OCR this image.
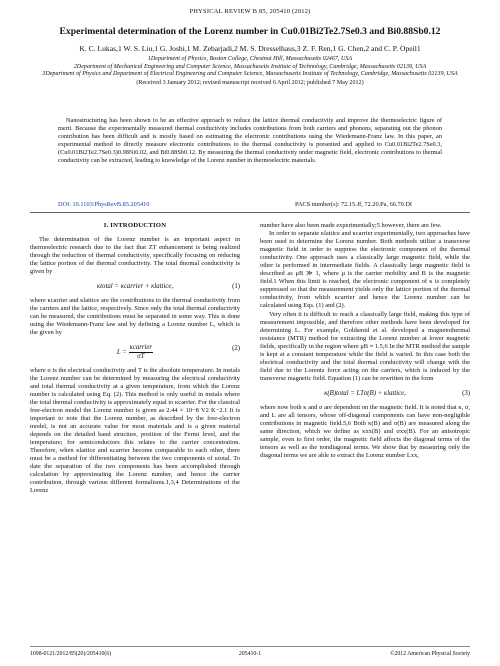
PHYSICAL REVIEW B 85, 205410 (2012)
Experimental determination of the Lorenz number in Cu0.01Bi2Te2.7Se0.3 and Bi0.88Sb0.12
K. C. Lukas,1 W. S. Liu,1 G. Joshi,1 M. Zebarjadi,2 M. S. Dresselhaus,3 Z. F. Ren,1 G. Chen,2 and C. P. Opeil1

1Department of Physics, Boston College, Chestnut Hill, Massachusetts 02467, USA

2Department of Mechanical Engineering and Computer Science, Massachusetts Institute of Technology, Cambridge, Massachusetts 02139, USA

3Department of Physics and Department of Electrical Engineering and Computer Science, Massachusetts Institute of Technology, Cambridge, Massachusetts 02139, USA

(Received 3 January 2012; revised manuscript received 6 April 2012; published 7 May 2012)

Nanostructuring has been shown to be an effective approach to reduce the lattice thermal conductivity and improve the thermoelectric figure of merit. Because the experimentally measured thermal conductivity includes contributions from both carriers and phonons, separating out the phonon contribution has been difficult and is mostly based on estimating the electronic contributions using the Wiedemann-Franz law. In this paper, an experimental method to directly measure electronic contributions to the thermal conductivity is presented and applied to Cu0.01Bi2Te2.7Se0.3, (Cu0.01Bi2Te2.7Se0.3)0.98Ni0.02, and Bi0.88Sb0.12. By measuring the thermal conductivity under magnetic field, electronic contributions to thermal conductivity can be extracted, leading to knowledge of the Lorenz number in thermoelectric materials.
DOI: 10.1103/PhysRevB.85.205410	PACS number(s): 72.15.Jf, 72.20.Pa, 66.70.Df
I. INTRODUCTION

The determination of the Lorenz number is an important aspect in thermoelectric research due to the fact that ZT enhancement is being realized through the reduction of thermal conductivity, specifically focusing on reducing the lattice portion of the thermal conductivity. The total thermal conductivity is given by

κtotal = κcarrier + κlattice,	(1)

where κcarrier and κlattice are the contributions to the thermal conductivity from the carriers and the lattice, respectively. Since only the total thermal conductivity can be measured, the contributions must be separated in some way. This is done using the Wiedemann-Franz law and by defining a Lorenz number L, which is the given by

$L = \frac{\text{κcarrier}}{\sigma T}$	(2)

where σ is the electrical conductivity and T is the absolute temperature. In metals the Lorenz number can be determined by measuring the electrical conductivity and total thermal conductivity at a given temperature, from which the Lorenz number is calculated using Eq. (2). This method is only useful in metals where the total thermal conductivity is approximately equal to κcarrier. For the classical free-electron model the Lorenz number is given as 2.44 × 10−8 V2 K−2.1 It is important to note that the Lorenz number, as described by the free-electron model, is not an accurate value for most materials and is a given material depends on the detailed band structure, position of the Fermi level, and the temperature; for semiconductors this relates to the carrier concentration. Therefore, when κlattice and κcarrier become comparable to each other, there must be a method for differentiating between the two components of κtotal. To date the separation of the two components has been accomplished through calculation by approximating the Lorenz number, and hence the carrier contribution, through various different formalisms.1,3,4 Determinations of the Lorenz

number have also been made experimentally;5 however, there are few.

In order to separate κlattice and κcarrier experimentally, two approaches have been used to determine the Lorenz number. Both methods utilize a transverse magnetic field in order to suppress the electronic component of the thermal conductivity. One approach uses a classically large magnetic field, while the other is performed in intermediate fields. A classically large magnetic field is described as μB ≫ 1, where μ is the carrier mobility and B is the magnetic field.1 When this limit is reached, the electronic component of κ is completely suppressed so that the measurement yields only the lattice portion of the thermal conductivity, from which κcarrier and hence the Lorenz number can be calculated using Eqs. (1) and (2).

Very often it is difficult to reach a classically large field, making this type of measurement impossible, and therefore other methods have been developed for determining L. For example, Goldsmid et al. developed a magnetothermal resistance (MTR) method for extracting the Lorenz number at lower magnetic fields, specifically in the region where μB ≈ 1.5,6 In the MTR method the sample is kept at a constant temperature while the field is varied. In this case both the electrical conductivity and the total thermal conductivity will change with the field due to the Lorentz force acting on the carriers, which is induced by the transverse magnetic field. Equation (1) can be rewritten in the form

κ(B)total = LTσ(B) + κlattice,	(3)

where now both κ and σ are dependent on the magnetic field. It is noted that κ, σ, and L are all tensors, whose off-diagonal components can have non-negligible contributions in magnetic field.5,6 Both κ(B) and σ(B) are measured along the same direction, which we define as κxx(B) and σxx(B). For an anisotropic sample, even to first order, the magnetic field affects the diagonal terms of the tensors as well as the nondiagonal terms. We show that by measuring only the diagonal terms we are able to extract the Lorenz number Lxx,

1098-0121/2012/85(20)/205410(6)	205410-1	©2012 American Physical Society
